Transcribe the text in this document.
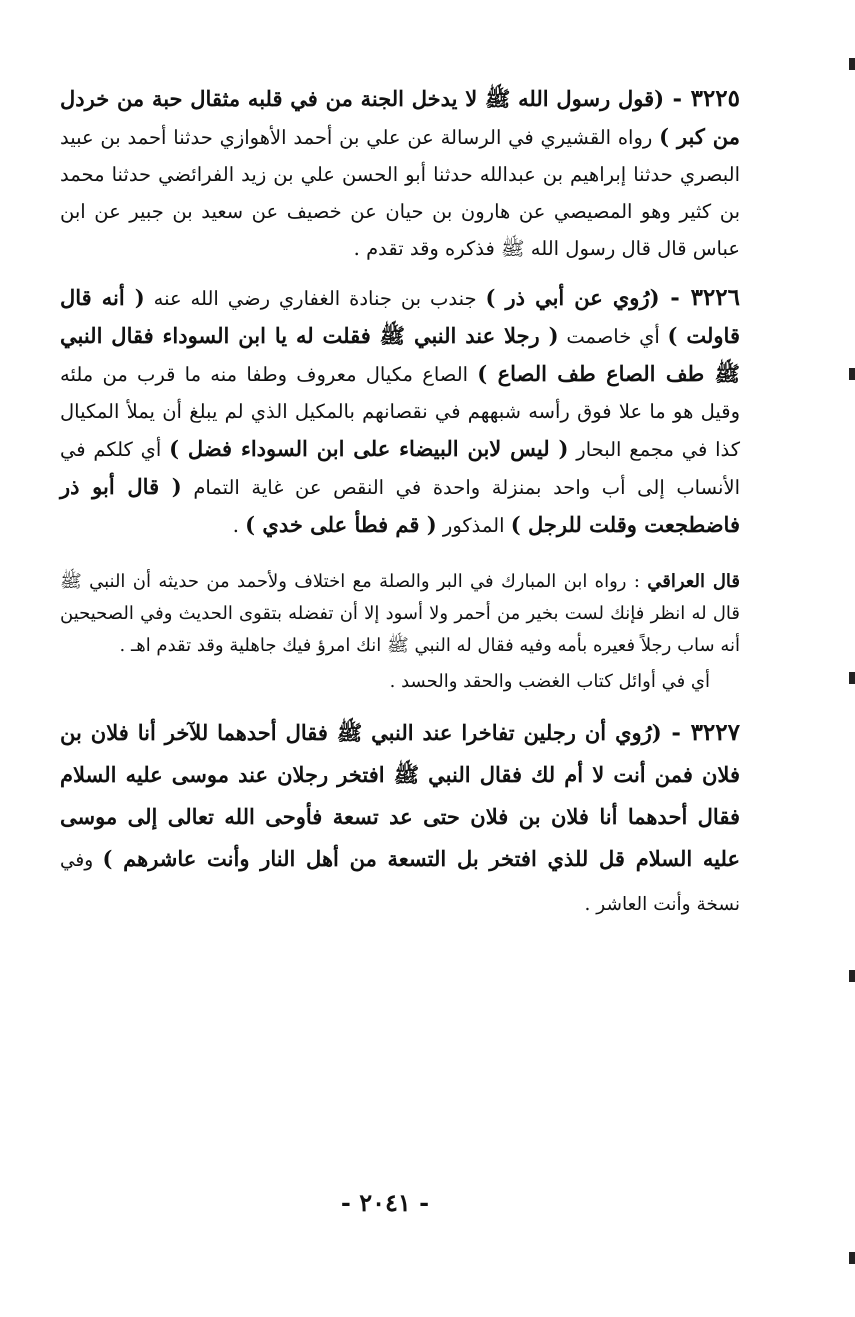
٣٢٢٥ - (قول رسول الله ﷺ لا يدخل الجنة من في قلبه مثقال حبة من خردل من كبر ) رواه القشيري في الرسالة عن علي بن أحمد الأهوازي حدثنا أحمد بن عبيد البصري حدثنا إبراهيم بن عبدالله حدثنا أبو الحسن علي بن زيد الفرائضي حدثنا محمد بن كثير وهو المصيصي عن هارون بن حيان عن خصيف عن سعيد بن جبير عن ابن عباس قال قال رسول الله ﷺ فذكره وقد تقدم .

٣٢٢٦ - (رُوي عن أبي ذر ) جندب بن جنادة الغفاري رضي الله عنه ( أنه قال قاولت ) أي خاصمت ( رجلا عند النبي ﷺ فقلت له يا ابن السوداء فقال النبي ﷺ طف الصاع طف الصاع ) الصاع مكيال معروف وطفا منه ما قرب من ملئه وقيل هو ما علا فوق رأسه شبههم في نقصانهم بالمكيل الذي لم يبلغ أن يملأ المكيال كذا في مجمع البحار ( ليس لابن البيضاء على ابن السوداء فضل ) أي كلكم في الأنساب إلى أب واحد بمنزلة واحدة في النقص عن غاية التمام ( قال أبو ذر فاضطجعت وقلت للرجل ) المذكور ( قم فطأ على خدي ) .

قال العراقي : رواه ابن المبارك في البر والصلة مع اختلاف ولأحمد من حديثه أن النبي ﷺ قال له انظر فإنك لست بخير من أحمر ولا أسود إلا أن تفضله بتقوى الحديث وفي الصحيحين أنه ساب رجلاً فعيره بأمه وفيه فقال له النبي ﷺ انك امرؤ فيك جاهلية وقد تقدم اهـ .

أي في أوائل كتاب الغضب والحقد والحسد .

٣٢٢٧ - (رُوي أن رجلين تفاخرا عند النبي ﷺ فقال أحدهما للآخر أنا فلان بن فلان فمن أنت لا أم لك فقال النبي ﷺ افتخر رجلان عند موسى عليه السلام فقال أحدهما أنا فلان بن فلان حتى عد تسعة فأوحى الله تعالى إلى موسى عليه السلام قل للذي افتخر بل التسعة من أهل النار وأنت عاشرهم ) وفي نسخة وأنت العاشر .

- ٢٠٤١ -
